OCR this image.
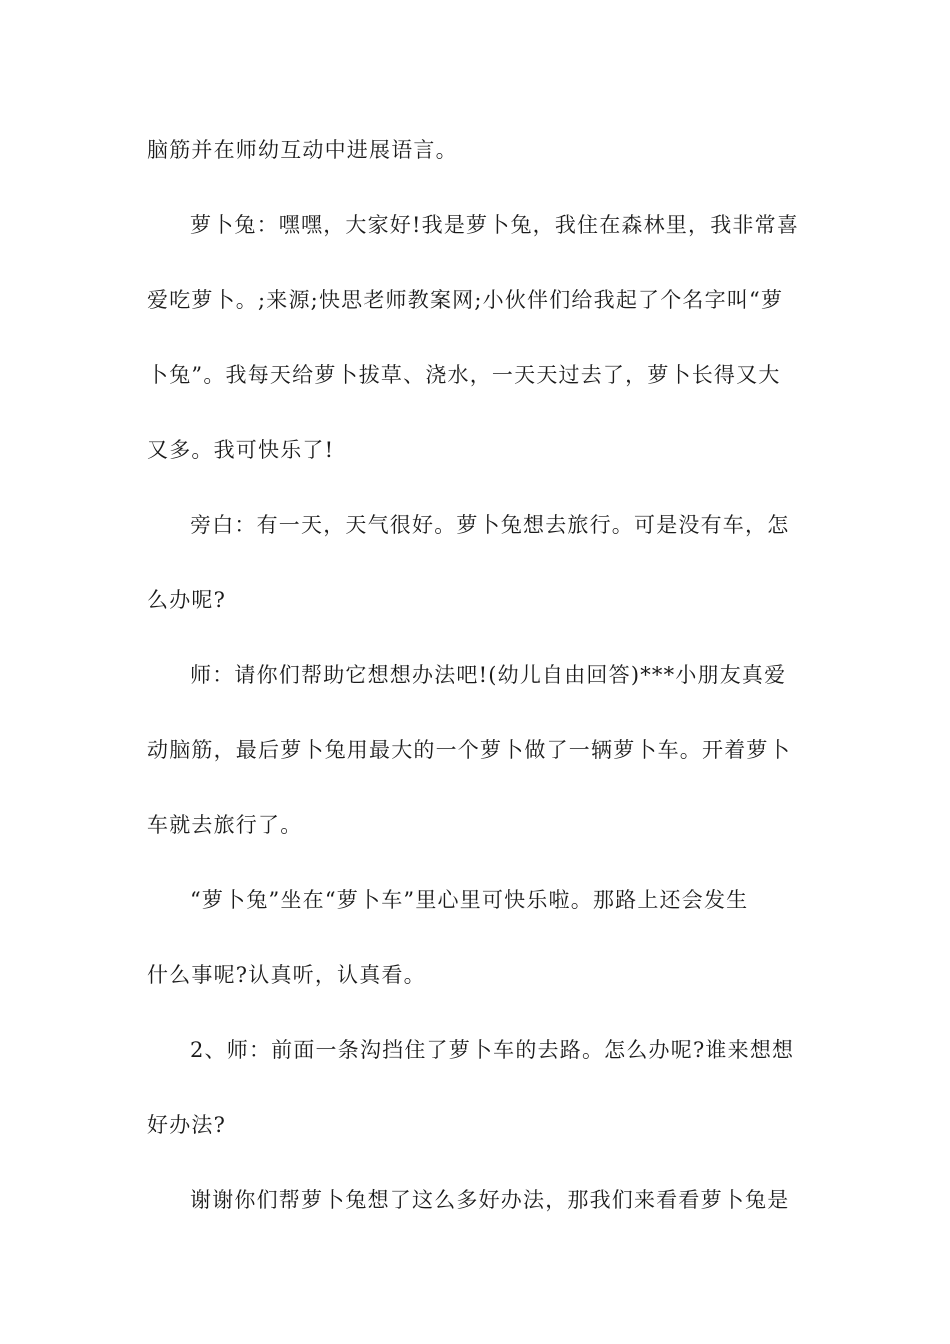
脑筋并在师幼互动中进展语言。
萝卜兔：嘿嘿，大家好!我是萝卜兔，我住在森林里，我非常喜
爱吃萝卜。;来源;快思老师教案网;小伙伴们给我起了个名字叫“萝
卜兔”。我每天给萝卜拔草、浇水，一天天过去了，萝卜长得又大
又多。我可快乐了!
旁白：有一天，天气很好。萝卜兔想去旅行。可是没有车，怎
么办呢?
师：请你们帮助它想想办法吧!(幼儿自由回答)***小朋友真爱
动脑筋，最后萝卜兔用最大的一个萝卜做了一辆萝卜车。开着萝卜
车就去旅行了。
“萝卜兔”坐在“萝卜车”里心里可快乐啦。那路上还会发生
什么事呢?认真听，认真看。
2、师：前面一条沟挡住了萝卜车的去路。怎么办呢?谁来想想
好办法?
谢谢你们帮萝卜兔想了这么多好办法，那我们来看看萝卜兔是
